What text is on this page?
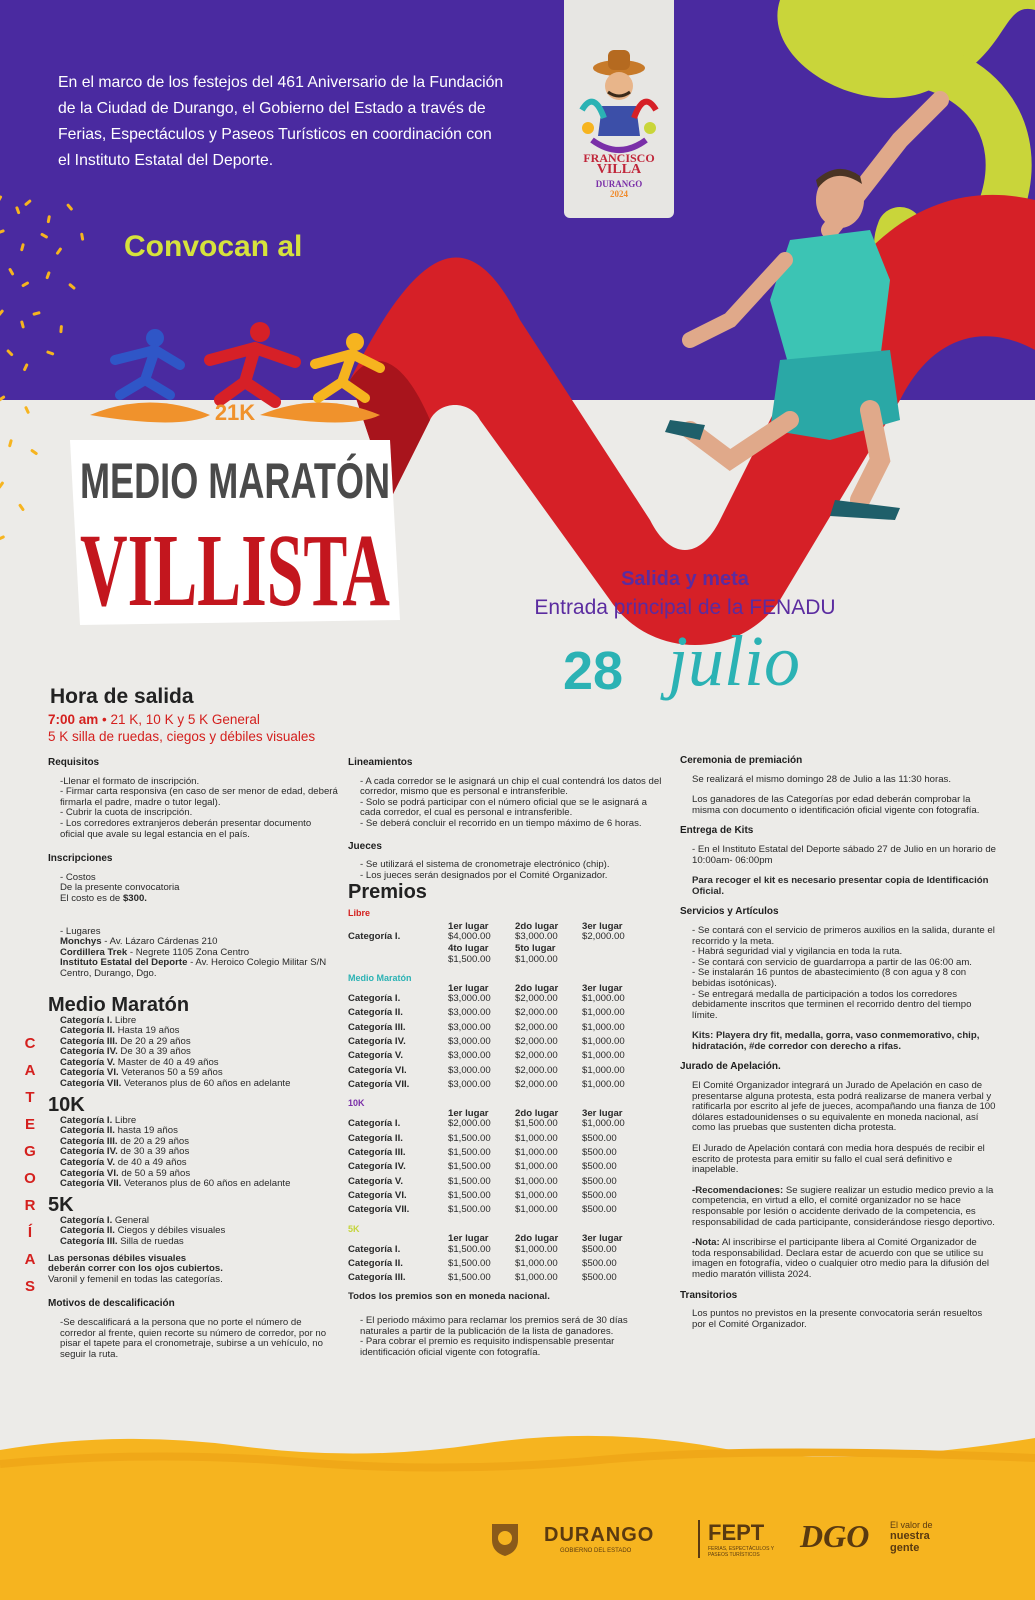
En el marco de los festejos del 461 Aniversario de la Fundación de la Ciudad de Durango, el Gobierno del Estado a través de Ferias, Espectáculos y Paseos Turísticos en coordinación con el Instituto Estatal del Deporte.
Convocan al
FRANCISCO
VILLA
DURANGO
2024
21K
MEDIO MARATÓN
VILLISTA	Salida y meta
Entrada principal de la FENADU
28 julio
Hora de salida
7:00 am • 21 K, 10 K y 5 K General
5 K silla de ruedas, ciegos y débiles visuales
C
A
T
E
G
O
R
Í
A
S
Requisitos
-Llenar el formato de inscripción.
- Firmar carta responsiva (en caso de ser menor de edad, deberá firmarla el padre, madre o tutor legal).
- Cubrir la cuota de inscripción.
- Los corredores extranjeros deberán presentar documento oficial que avale su legal estancia en el país.
Inscripciones
- Costos
De la presente convocatoria
El costo es de $300.
- Lugares
Monchys - Av. Lázaro Cárdenas 210
Cordillera Trek - Negrete 1105 Zona Centro
Instituto Estatal del Deporte - Av. Heroico Colegio Militar S/N Centro, Durango, Dgo.
Medio Maratón
Categoría I. Libre
Categoría II. Hasta 19 años
Categoría III. De 20 a 29 años
Categoría IV. De 30 a 39 años
Categoría V. Master de 40 a 49 años
Categoría VI. Veteranos 50 a 59 años
Categoría VII. Veteranos plus de 60 años en adelante
10K
Categoría I. Libre
Categoría II. hasta 19 años
Categoría III. de 20 a 29 años
Categoría IV. de 30 a 39 años
Categoría V. de 40 a 49 años
Categoría VI. de 50 a 59 años
Categoría VII. Veteranos plus de 60 años en adelante
5K
Categoría I. General
Categoría II. Ciegos y débiles visuales
Categoría III. Silla de ruedas
Las personas débiles visuales
deberán correr con los ojos cubiertos.
Varonil y femenil en todas las categorías.
Motivos de descalificación
-Se descalificará a la persona que no porte el número de corredor al frente, quien recorte su número de corredor, por no pisar el tapete para el cronometraje, subirse a un vehículo, no seguir la ruta.
Lineamientos
- A cada corredor se le asignará un chip el cual contendrá los datos del corredor, mismo que es personal e intransferible.
- Solo se podrá participar con el número oficial que se le asignará a cada corredor, el cual es personal e intransferible.
- Se deberá concluir el recorrido en un tiempo máximo de 6 horas.
Jueces
- Se utilizará el sistema de cronometraje electrónico (chip).
- Los jueces serán designados por el Comité Organizador.
Premios
Libre
1er lugar	2do lugar	3er lugar
Categoría I.	$4,000.00	$3,000.00	$2,000.00
4to lugar	5to lugar
$1,500.00	$1,000.00
Medio Maratón
1er lugar	2do lugar	3er lugar
Categoría I.	$3,000.00	$2,000.00	$1,000.00
Categoría II.	$3,000.00	$2,000.00	$1,000.00
Categoría III.	$3,000.00	$2,000.00	$1,000.00
Categoría IV.	$3,000.00	$2,000.00	$1,000.00
Categoría V.	$3,000.00	$2,000.00	$1,000.00
Categoría VI.	$3,000.00	$2,000.00	$1,000.00
Categoría VII.	$3,000.00	$2,000.00	$1,000.00
10K
1er lugar	2do lugar	3er lugar
Categoría I.	$2,000.00	$1,500.00	$1,000.00
Categoría II.	$1,500.00	$1,000.00	$500.00
Categoría III.	$1,500.00	$1,000.00	$500.00
Categoría IV.	$1,500.00	$1,000.00	$500.00
Categoría V.	$1,500.00	$1,000.00	$500.00
Categoría VI.	$1,500.00	$1,000.00	$500.00
Categoría VII.	$1,500.00	$1,000.00	$500.00
5K
1er lugar	2do lugar	3er lugar
Categoría I.	$1,500.00	$1,000.00	$500.00
Categoría II.	$1,500.00	$1,000.00	$500.00
Categoría III.	$1,500.00	$1,000.00	$500.00
Todos los premios son en moneda nacional.
- El periodo máximo para reclamar los premios será de 30 días naturales a partir de la publicación de la lista de ganadores.
- Para cobrar el premio es requisito indispensable presentar identificación oficial vigente con fotografía.
Ceremonia de premiación
Se realizará el mismo domingo 28 de Julio a las 11:30 horas.
Los ganadores de las Categorías por edad deberán comprobar la misma con documento o identificación oficial vigente con fotografía.
Entrega de Kits
- En el Instituto Estatal del Deporte sábado 27 de Julio en un horario de 10:00am- 06:00pm
Para recoger el kit es necesario presentar copia de Identificación Oficial.
Servicios y Artículos
- Se contará con el servicio de primeros auxilios en la salida, durante el recorrido y la meta.
- Habrá seguridad vial y vigilancia en toda la ruta.
- Se contará con servicio de guardarropa a partir de las 06:00 am.
- Se instalarán 16 puntos de abastecimiento (8 con agua y 8 con bebidas isotónicas).
- Se entregará medalla de participación a todos los corredores debidamente inscritos que terminen el recorrido dentro del tiempo límite.
Kits: Playera dry fit, medalla, gorra, vaso conmemorativo, chip, hidratación, #de corredor con derecho a rifas.
Jurado de Apelación.
El Comité Organizador integrará un Jurado de Apelación en caso de presentarse alguna protesta, esta podrá realizarse de manera verbal y ratificarla por escrito al jefe de jueces, acompañando una fianza de 100 dólares estadounidenses o su equivalente en moneda nacional, así como las pruebas que sustenten dicha protesta.
El Jurado de Apelación contará con media hora después de recibir el escrito de protesta para emitir su fallo el cual será definitivo e inapelable.
-Recomendaciones: Se sugiere realizar un estudio medico previo a la competencia, en virtud a ello, el comité organizador no se hace responsable por lesión o accidente derivado de la competencia, es responsabilidad de cada participante, considerándose riesgo deportivo.
-Nota: Al inscribirse el participante libera al Comité Organizador de toda responsabilidad. Declara estar de acuerdo con que se utilice su imagen en fotografía, video o cualquier otro medio para la difusión del medio maratón villista 2024.
Transitorios
Los puntos no previstos en la presente convocatoria serán resueltos por el Comité Organizador.
DURANGO
GOBIERNO DEL ESTADO
FEPT
FERIAS, ESPECTÁCULOS Y PASEOS TURÍSTICOS
DGO El valor de
nuestra
gente
